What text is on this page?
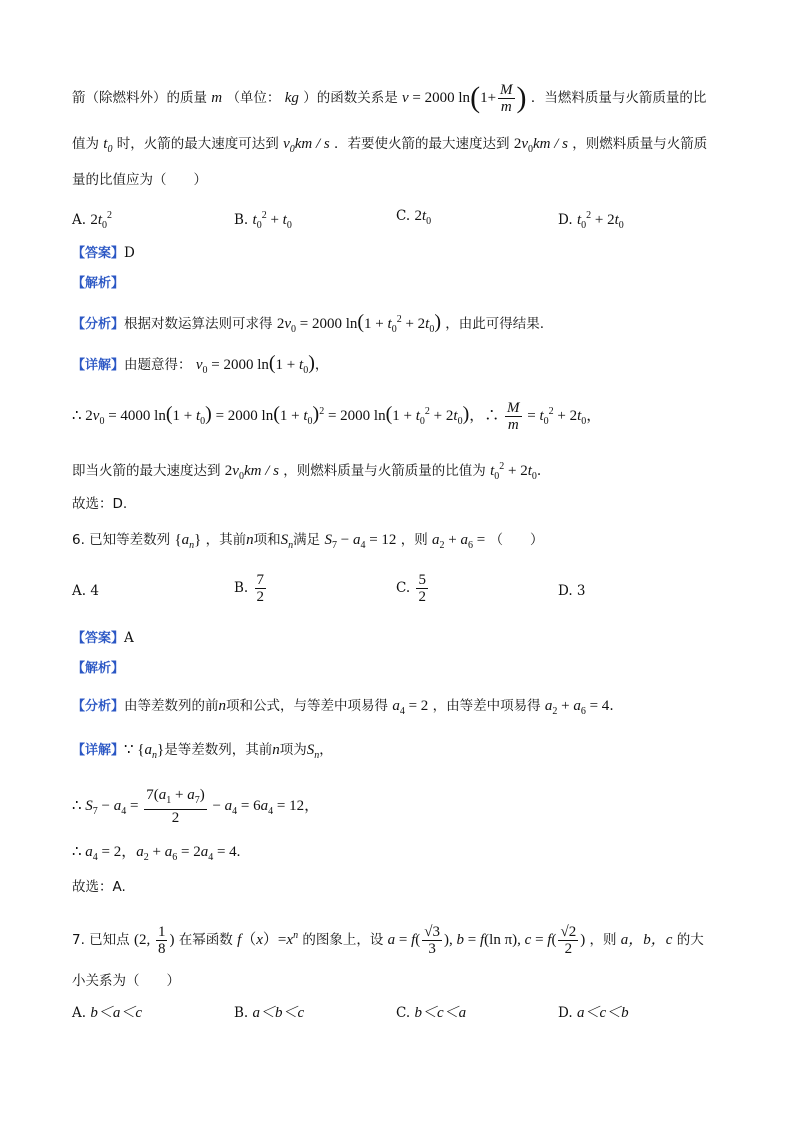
箭（除燃料外）的质量 m （单位： kg ）的函数关系是 v = 2000 $\ln(1+ \frac{M}{m}$ ) ．当燃料质量与火箭质量的比
值为 $t_0$ 时，火箭的最大速度可达到 $v_0km$ / s ．若要使火箭的最大速度达到 $2v_0km$ / s ，则燃料质量与火箭质
量的比值应为（　　）
A. $2t_0^2$	B. $t_0^2 + t_0$
C. $2t_0$	D. $t_0^2 + 2t_0$
【答案】D
【解析】
【分析】根据对数运算法则可求得 $2v_0 = 2000$ $\ln(1 + t_0^2 + 2t_0)$ ，由此可得结果.
【详解】由题意得： $v_0 = 2000$ $\ln(1 + t_0)$，
∴ $2v_0 = 4000$ $\ln(1 + t_0) = 2000$ $\ln(1 + t_0)^2 = 2000$ $\ln(1 + t_0^2 + 2t_0)$，∴ $\frac{M}{m} = t_0^2 + 2t_0$，
即当火箭的最大速度达到 $2v_0km$ / s ，则燃料质量与火箭质量的比值为 $t_0^2 + 2t_0$.
故选：D.
6. 已知等差数列 $\{a_n\}$ ，其前n项和$S_n$满足 $S_7 - a_4 = 12$ ，则 $a_2 + a_6$ = （　　）
A. 4	B. $\frac{7}{2}$	C. $\frac{5}{2}$	D. 3
【答案】A
【解析】
【分析】由等差数列的前n项和公式，与等差中项易得 $a_4 = 2$ ，由等差中项易得 $a_2 + a_6 = 4$.
【详解】∵ $\{a_n\}$是等差数列，其前n项为$S_n$，
∴ $S_7 - a_4 = \frac{7(a_1 + a_7)}{2} - a_4 = 6a_4 = 12$，
∴ $a_4 = 2$，$a_2 + a_6 = 2a_4 = 4$.
故选：A.
7. 已知点 (2, $\frac{1}{8}$ ) 在幂函数 $f(x)=x^n$ 的图象上，设 $a = f( \frac{√3}{3}$ ), b = f(ln π), $c = f( \frac{√2}{2}$ ) ，则 a，b，c 的大
小关系为（　　）
A. b＜a＜c	B. a＜b＜c	C. b＜c＜a	D. a＜c＜b
